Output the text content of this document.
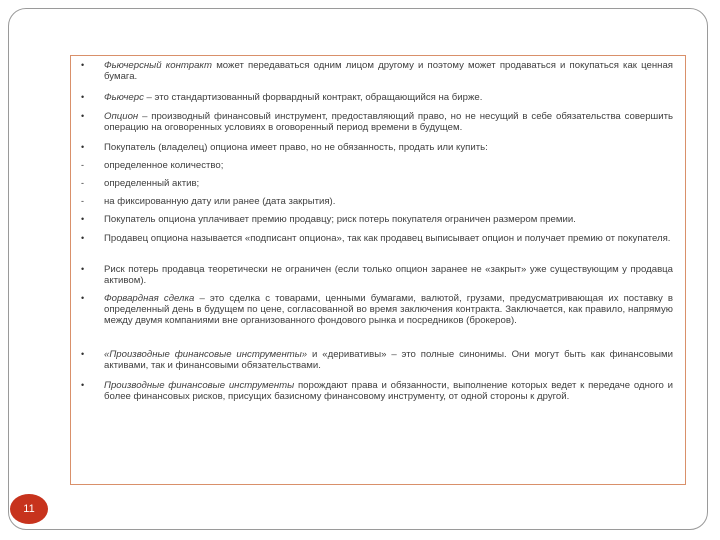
•	Фьючерсный контракт может передаваться одним лицом другому и поэтому может продаваться и покупаться как ценная бумага.
•	Фьючерс – это стандартизованный форвардный контракт, обращающийся на бирже.
•	Опцион – производный финансовый инструмент, предоставляющий право, но не несущий в себе обязательства совершить операцию на оговоренных условиях в оговоренный период времени в будущем.
•	Покупатель (владелец) опциона имеет право, но не обязанность, продать или купить:
-	определенное количество;
-	определенный актив;
-	на фиксированную дату или ранее (дата закрытия).
•	Покупатель опциона уплачивает премию продавцу; риск потерь покупателя ограничен размером премии.
•	Продавец опциона называется «подписант опциона», так как продавец выписывает опцион и получает премию от покупателя.
•	Риск потерь продавца теоретически не ограничен (если только опцион заранее не «закрыт» уже существующим у продавца активом).
•	Форвардная сделка – это сделка с товарами, ценными бумагами, валютой, грузами, предусматривающая их поставку в определенный день в будущем по цене, согласованной во время заключения контракта. Заключается, как правило, напрямую между двумя компаниями вне организованного фондового рынка и посредников (брокеров).
•	«Производные финансовые инструменты» и «деривативы» – это полные синонимы. Они могут быть как финансовыми активами, так и финансовыми обязательствами.
•	Производные финансовые инструменты порождают права и обязанности, выполнение которых ведет к передаче одного и более финансовых рисков, присущих базисному финансовому инструменту, от одной стороны к другой.
11
